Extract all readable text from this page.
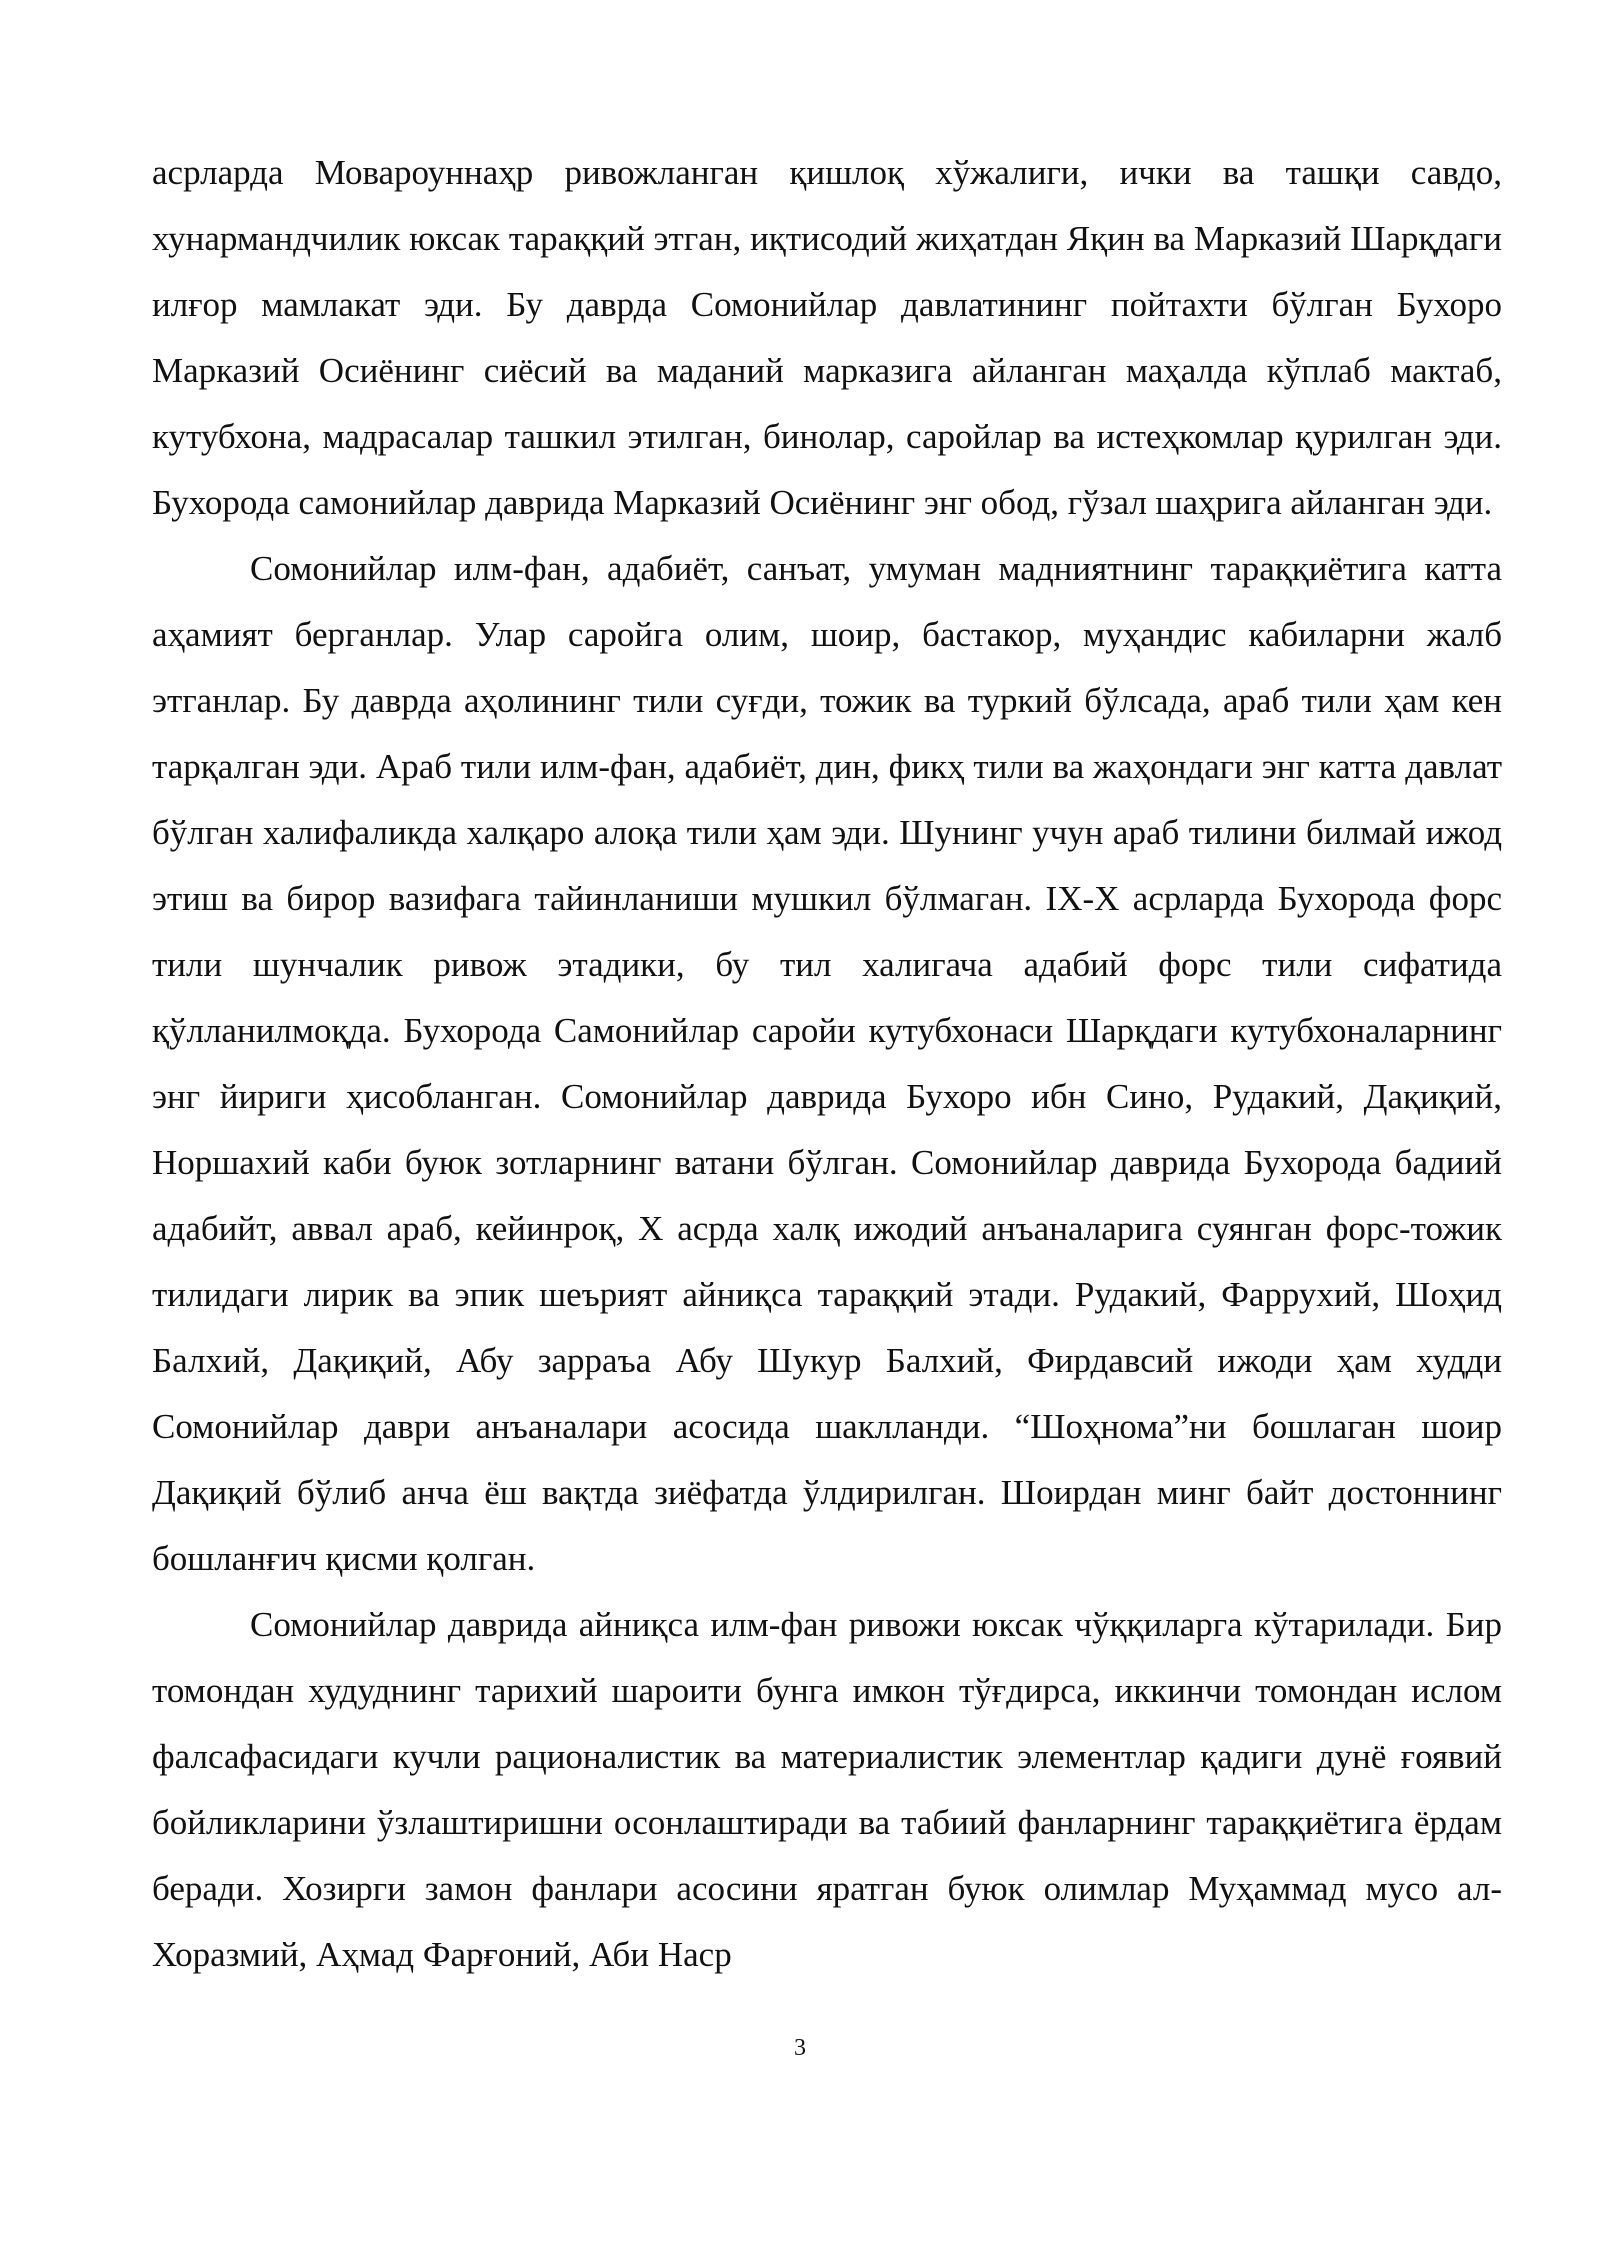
асрларда Мовароуннаҳр ривожланган қишлоқ хўжалиги, ички ва ташқи савдо, хунармандчилик юксак тараққий этган, иқтисодий жиҳатдан Яқин ва Марказий Шарқдаги илғор мамлакат эди. Бу даврда Сомонийлар давлатининг пойтахти бўлган Бухоро Марказий Осиёнинг сиёсий ва маданий марказига айланган маҳалда кўплаб мактаб, кутубхона, мадрасалар ташкил этилган, бинолар, саройлар ва истеҳкомлар қурилган эди. Бухорода самонийлар даврида Марказий Осиёнинг энг обод, гўзал шаҳрига айланган эди.

Сомонийлар илм-фан, адабиёт, санъат, умуман мадниятнинг тараққиётига катта аҳамият берганлар. Улар саройга олим, шоир, бастакор, муҳандис кабиларни жалб этганлар. Бу даврда аҳолининг тили суғди, тожик ва туркий бўлсада, араб тили ҳам кен тарқалган эди. Араб тили илм-фан, адабиёт, дин, фикҳ тили ва жаҳондаги энг катта давлат бўлган халифаликда халқаро алоқа тили ҳам эди. Шунинг учун араб тилини билмай ижод этиш ва бирор вазифага тайинланиши мушкил бўлмаган. IX-X асрларда Бухорода форс тили шунчалик ривож этадики, бу тил халигача адабий форс тили сифатида қўлланилмоқда. Бухорода Самонийлар саройи кутубхонаси Шарқдаги кутубхоналарнинг энг йириги ҳисобланган. Сомонийлар даврида Бухоро ибн Сино, Рудакий, Дақиқий, Норшахий каби буюк зотларнинг ватани бўлган. Сомонийлар даврида Бухорода бадиий адабийт, аввал араб, кейинроқ, X асрда халқ ижодий анъаналарига суянган форс-тожик тилидаги лирик ва эпик шеърият айниқса тараққий этади. Рудакий, Фаррухий, Шоҳид Балхий, Дақиқий, Абу зарраъа Абу Шукур Балхий, Фирдавсий ижоди ҳам худди Сомонийлар даври анъаналари асосида шаклланди. “Шоҳнома”ни бошлаган шоир Дақиқий бўлиб анча ёш вақтда зиёфатда ўлдирилган. Шоирдан минг байт достоннинг бошланғич қисми қолган.

Сомонийлар даврида айниқса илм-фан ривожи юксак чўққиларга кўтарилади. Бир томондан худуднинг тарихий шароити бунга имкон тўғдирса, иккинчи томондан ислом фалсафасидаги кучли рационалистик ва материалистик элементлар қадиги дунё ғоявий бойликларини ўзлаштиришни осонлаштиради ва табиий фанларнинг тараққиётига ёрдам беради. Хозирги замон фанлари асосини яратган буюк олимлар Муҳаммад мусо ал-Хоразмий, Аҳмад Фарғоний, Аби Наср

3
